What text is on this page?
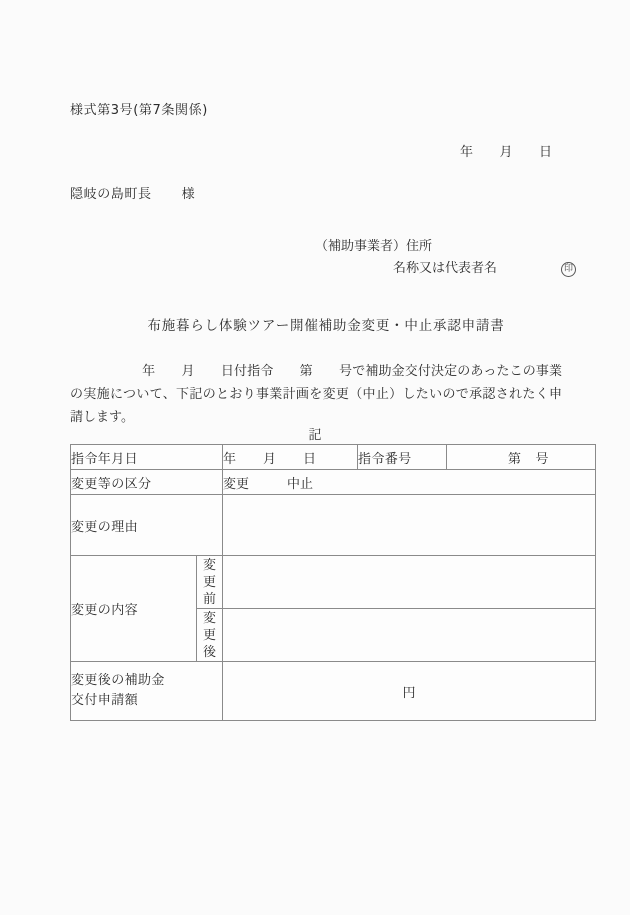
様式第3号(第7条関係)
年 月 日
隠岐の島町長 様
（補助事業者）住所
名称又は代表者名	印
布施暮らし体験ツアー開催補助金変更・中止承認申請書
年　　月　　日付指令　　第　　号で補助金交付決定のあったこの事業の実施について、下記のとおり事業計画を変更（中止）したいので承認されたく申請します。
記
指令年月日		年 月 日	指令番号	第 号
変更等の区分		変更 中止		
変更の理由				
変更の内容	変
更
前			

	変
更
後			

変更後の補助金
交付申請額		円		
